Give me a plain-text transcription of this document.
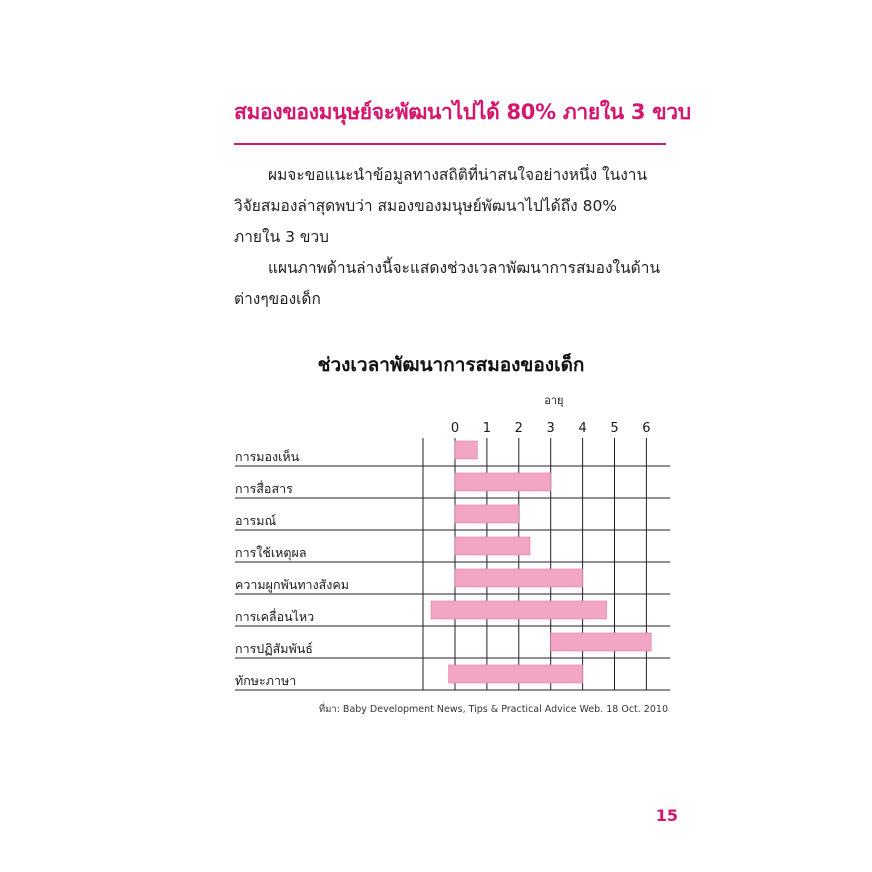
สมองของมนุษย์จะพัฒนาไปได้ 80% ภายใน 3 ขวบ

ผมจะขอแนะนำข้อมูลทางสถิติที่น่าสนใจอย่างหนึ่ง ในงานวิจัยสมองล่าสุดพบว่า สมองของมนุษย์พัฒนาไปได้ถึง 80% ภายใน 3 ขวบ

แผนภาพด้านล่างนี้จะแสดงช่วงเวลาพัฒนาการสมองในด้านต่างๆของเด็ก

ช่วงเวลาพัฒนาการสมองของเด็ก
อายุ
0 1 2 3 4 5 6
การมองเห็น
การสื่อสาร
อารมณ์
การใช้เหตุผล
ความผูกพันทางสังคม
การเคลื่อนไหว
การปฏิสัมพันธ์
ทักษะภาษา

ที่มา: Baby Development News, Tips & Practical Advice Web. 18 Oct. 2010

15
